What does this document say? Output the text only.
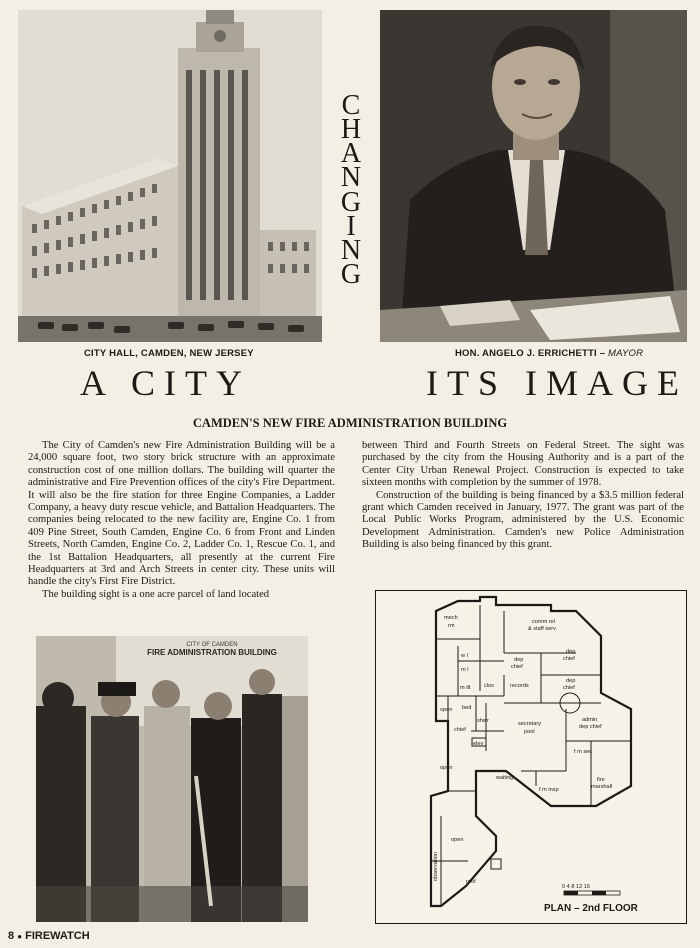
CITY HALL, CAMDEN, NEW JERSEY	HON. ANGELO J. ERRICHETTI – MAYOR
A CITY	ITS IMAGE
C
H
A
N
G
I
N
G
CAMDEN'S NEW FIRE ADMINISTRATION BUILDING

The City of Camden's new Fire Administration Building will be a 24,000 square foot, two story brick structure with an approximate construction cost of one million dollars. The building will quarter the administrative and Fire Prevention offices of the city's Fire Department. It will also be the fire station for three Engine Companies, a Ladder Company, a heavy duty rescue vehicle, and Battalion Headquarters. The companies being relocated to the new facility are, Engine Co. 1 from 409 Pine Street, South Camden, Engine Co. 6 from Front and Linden Streets, North Camden, Engine Co. 2, Ladder Co. 1, Rescue Co. 1, and the 1st Battalion Headquarters, all presently at the current Fire Headquarters at 3rd and Arch Streets in center city. These units will handle the city's First Fire District.

The building sight is a one acre parcel of land located

between Third and Fourth Streets on Federal Street. The sight was purchased by the city from the Housing Authority and is a part of the Center City Urban Renewal Project. Construction is expected to take sixteen months with completion by the summer of 1978.

Construction of the building is being financed by a $3.5 million federal grant which Camden received in January, 1977. The grant was part of the Local Public Works Program, administered by the U.S. Economic Development Administration. Camden's new Police Administration Building is also being financed by this grant.

CITY OF CAMDEN
FIRE ADMINISTRATION BUILDING
mech
rm
comm rel
& staff serv
dep
chief
dep
chief
dep
chief
w l
m l
m tlt clos	records
open bed
shwr
chief
secretary
pool
admin
dep chief
f m sec
elev
open
waiting
f m insp
fire
marshall
open
observation
roof
0 4 8 12 16
PLAN – 2nd FLOOR
8 ● FIREWATCH
